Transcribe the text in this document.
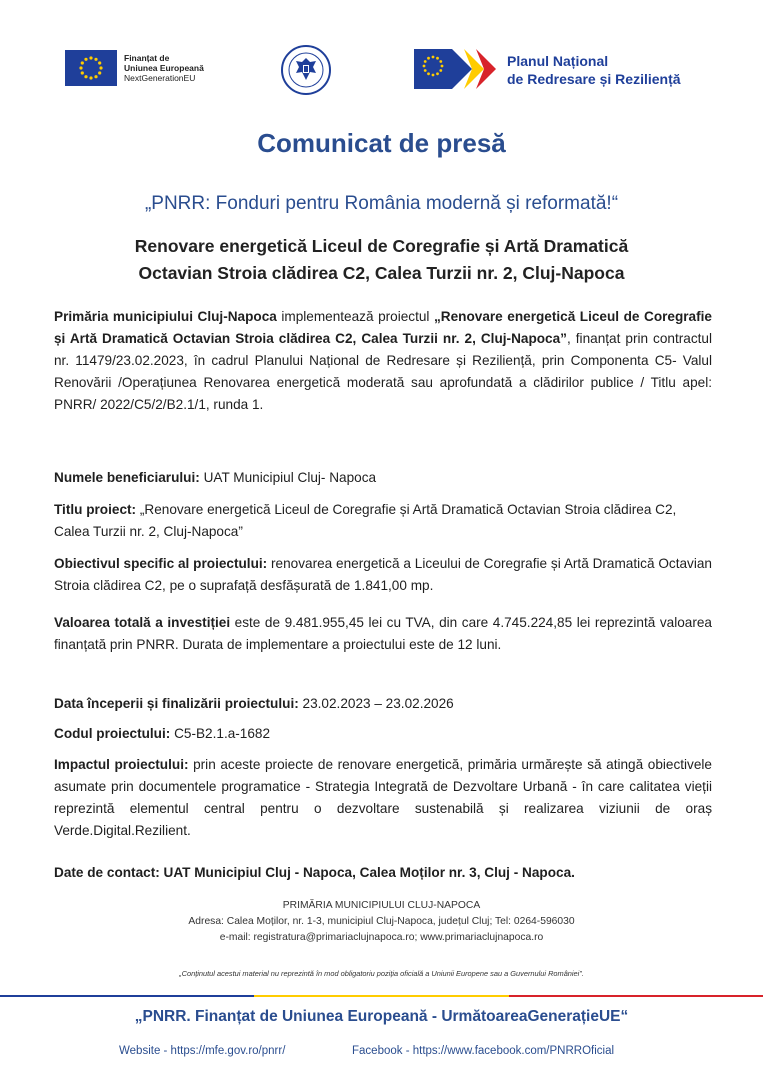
Finanțat de
Uniunea Europeană
NextGenerationEU
Planul Național
de Redresare și Reziliență
Comunicat de presă
„PNRR: Fonduri pentru România modernă și reformată!“
Renovare energetică Liceul de Coregrafie și Artă Dramatică
Octavian Stroia clădirea C2, Calea Turzii nr. 2, Cluj-Napoca
Primăria municipiului Cluj-Napoca implementează proiectul „Renovare energetică Liceul de Coregrafie și Artă Dramatică Octavian Stroia clădirea C2, Calea Turzii nr. 2, Cluj-Napoca”, finanțat prin contractul nr. 11479/23.02.2023, în cadrul Planului Național de Redresare și Reziliență, prin Componenta C5- Valul Renovării /Operațiunea Renovarea energetică moderată sau aprofundată a clădirilor publice / Titlu apel: PNRR/ 2022/C5/2/B2.1/1, runda 1.
Numele beneficiarului: UAT Municipiul Cluj- Napoca
Titlu proiect: „Renovare energetică Liceul de Coregrafie și Artă Dramatică Octavian Stroia clădirea C2, Calea Turzii nr. 2, Cluj-Napoca”
Obiectivul specific al proiectului: renovarea energetică a Liceului de Coregrafie și Artă Dramatică Octavian Stroia clădirea C2, pe o suprafață desfășurată de 1.841,00 mp.
Valoarea totală a investiției este de 9.481.955,45 lei cu TVA, din care 4.745.224,85 lei reprezintă valoarea finanțată prin PNRR. Durata de implementare a proiectului este de 12 luni.
Data începerii și finalizării proiectului: 23.02.2023 – 23.02.2026
Codul proiectului: C5-B2.1.a-1682
Impactul proiectului: prin aceste proiecte de renovare energetică, primăria urmărește să atingă obiectivele asumate prin documentele programatice - Strategia Integrată de Dezvoltare Urbană - în care calitatea vieții reprezintă elementul central pentru o dezvoltare sustenabilă și realizarea viziunii de oraș Verde.Digital.Rezilient.
Date de contact: UAT Municipiul Cluj - Napoca, Calea Moților nr. 3, Cluj - Napoca.
PRIMĂRIA MUNICIPIULUI CLUJ-NAPOCA
Adresa: Calea Moților, nr. 1-3, municipiul Cluj-Napoca, județul Cluj; Tel: 0264-596030
e-mail: registratura@primariaclujnapoca.ro; www.primariaclujnapoca.ro
„Conținutul acestui material nu reprezintă în mod obligatoriu poziția oficială a Uniunii Europene sau a Guvernului României”.
„PNRR. Finanțat de Uniunea Europeană - UrmătoareaGenerațieUE“
Website - https://mfe.gov.ro/pnrr/	Facebook - https://www.facebook.com/PNRROficial
